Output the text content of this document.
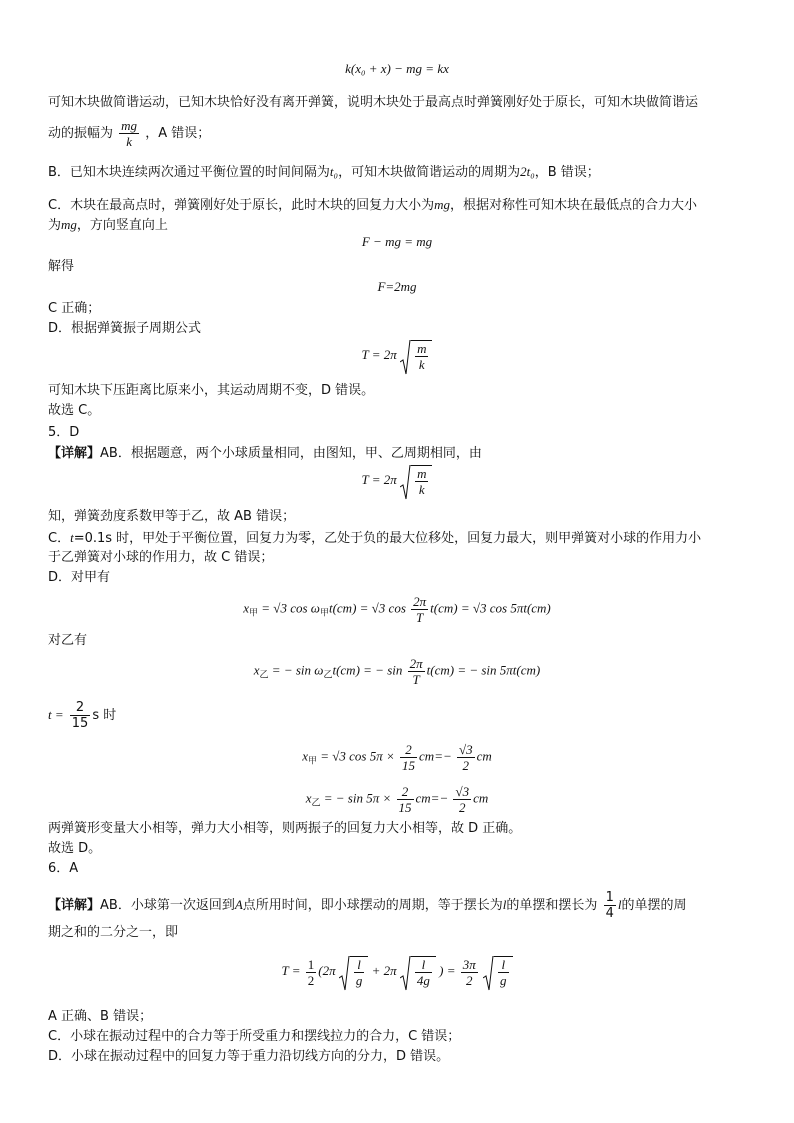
k(x₀ + x) − mg = kx
可知木块做简谐运动，已知木块恰好没有离开弹簧，说明木块处于最高点时弹簧刚好处于原长，可知木块做简谐运
动的振幅为 $\frac{mg}{k}$ ，A 错误；
B．已知木块连续两次通过平衡位置的时间间隔为t₀，可知木块做简谐运动的周期为2t₀，B 错误；
C．木块在最高点时，弹簧刚好处于原长，此时木块的回复力大小为mg，根据对称性可知木块在最低点的合力大小
为mg，方向竖直向上
F − mg = mg
解得
F=2mg
C 正确；
D．根据弹簧振子周期公式
$T = 2\pi \frac{m}{k}$
可知木块下压距离比原来小，其运动周期不变，D 错误。
故选 C。
5．D
【详解】AB．根据题意，两个小球质量相同，由图知，甲、乙周期相同，由
$T = 2\pi \frac{m}{k}$
知，弹簧劲度系数甲等于乙，故 AB 错误；
C．t=0.1s 时，甲处于平衡位置，回复力为零，乙处于负的最大位移处，回复力最大，则甲弹簧对小球的作用力小
于乙弹簧对小球的作用力，故 C 错误；
D．对甲有
$x_甲 = √3$ $\cos \omega_甲t(cm) = √3$ $\cos \frac{2\pi}{T} t(cm) = √3$ cos 5πt(cm)
对乙有
$x_乙$ = − $\sin \omega_乙t(cm)$ = − $\sin \frac{2\pi}{T} t(cm)$ = − sin 5πt(cm)
$t = \frac{2}{15}$ s 时
$x_甲 = √3$ $\cos 5\pi \times \frac{2}{15} cm=- \frac{√3}{2}$ cm
$x_乙$ = − $\sin 5\pi \times \frac{2}{15} cm=- \frac{√3}{2}$ cm
两弹簧形变量大小相等，弹力大小相等，则两振子的回复力大小相等，故 D 正确。
故选 D。
6．A
【详解】AB．小球第一次返回到A点所用时间，即小球摆动的周期，等于摆长为l的单摆和摆长为 $\frac{1}{4}$ l的单摆的周
期之和的二分之一，即
$T = \frac{1}{2} (2\pi \frac{l}{g} + 2\pi \frac{l}{4g}$ ) = $\frac{3\pi}{2}$
$\frac{l}{g}$
A 正确、B 错误；
C．小球在振动过程中的合力等于所受重力和摆线拉力的合力，C 错误；
D．小球在振动过程中的回复力等于重力沿切线方向的分力，D 错误。
